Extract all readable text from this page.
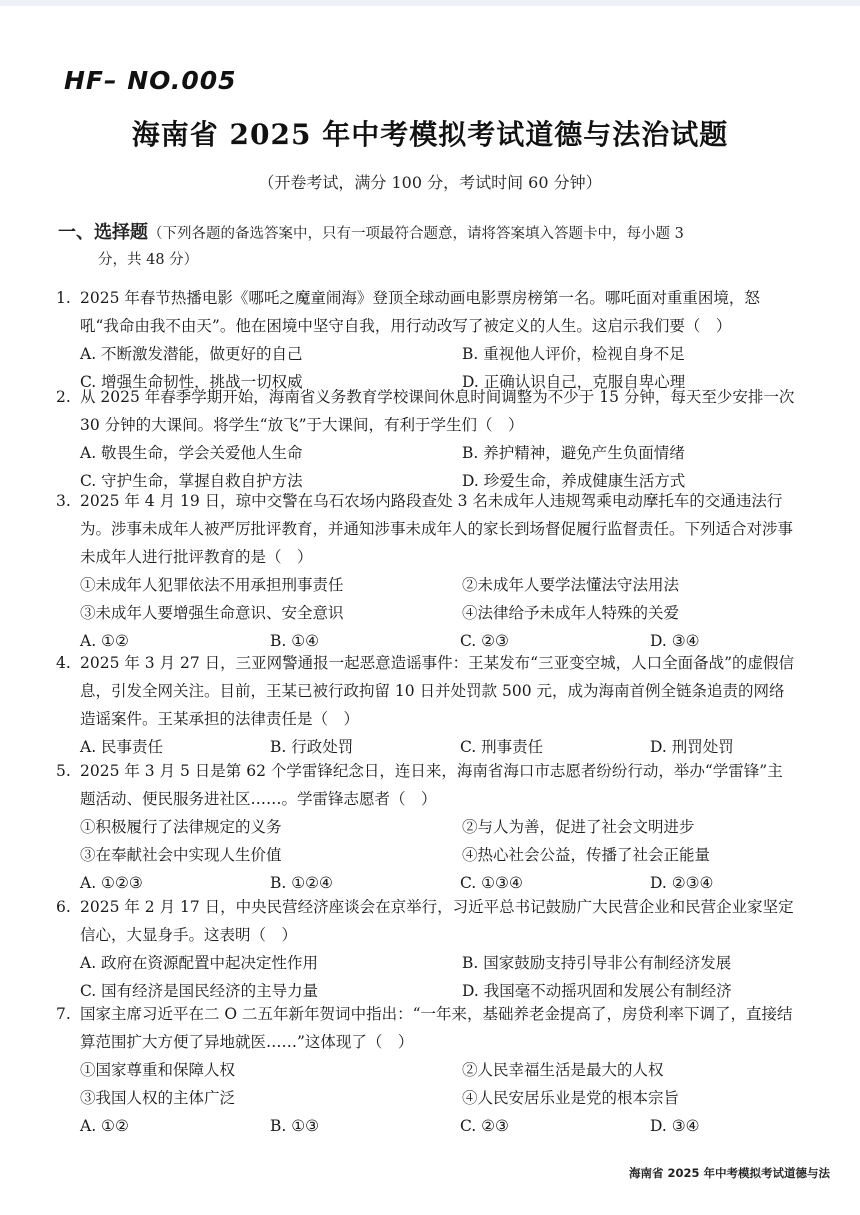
HF– NO.005
海南省 2025 年中考模拟考试道德与法治试题
（开卷考试，满分 100 分，考试时间 60 分钟）
一、选择题（下列各题的备选答案中，只有一项最符合题意，请将答案填入答题卡中，每小题 3
分，共 48 分）
1. 2025 年春节热播电影《哪吒之魔童闹海》登顶全球动画电影票房榜第一名。哪吒面对重重困境，怒吼“我命由我不由天”。他在困境中坚守自我，用行动改写了被定义的人生。这启示我们要（　）
A. 不断激发潜能，做更好的自己	B. 重视他人评价，检视自身不足
C. 增强生命韧性，挑战一切权威	D. 正确认识自己，克服自卑心理
2. 从 2025 年春季学期开始，海南省义务教育学校课间休息时间调整为不少于 15 分钟，每天至少安排一次 30 分钟的大课间。将学生“放飞”于大课间，有利于学生们（　）
A. 敬畏生命，学会关爱他人生命	B. 养护精神，避免产生负面情绪
C. 守护生命，掌握自救自护方法	D. 珍爱生命，养成健康生活方式
3. 2025 年 4 月 19 日，琼中交警在乌石农场内路段查处 3 名未成年人违规驾乘电动摩托车的交通违法行为。涉事未成年人被严厉批评教育，并通知涉事未成年人的家长到场督促履行监督责任。下列适合对涉事未成年人进行批评教育的是（　）
①未成年人犯罪依法不用承担刑事责任	②未成年人要学法懂法守法用法
③未成年人要增强生命意识、安全意识	④法律给予未成年人特殊的关爱
A. ①②	B. ①④	C. ②③	D. ③④
4. 2025 年 3 月 27 日，三亚网警通报一起恶意造谣事件：王某发布“三亚变空城，人口全面备战”的虚假信息，引发全网关注。目前，王某已被行政拘留 10 日并处罚款 500 元，成为海南首例全链条追责的网络造谣案件。王某承担的法律责任是（　）
A. 民事责任	B. 行政处罚	C. 刑事责任	D. 刑罚处罚
5. 2025 年 3 月 5 日是第 62 个学雷锋纪念日，连日来，海南省海口市志愿者纷纷行动，举办“学雷锋”主题活动、便民服务进社区……。学雷锋志愿者（　）
①积极履行了法律规定的义务	②与人为善，促进了社会文明进步
③在奉献社会中实现人生价值	④热心社会公益，传播了社会正能量
A. ①②③	B. ①②④	C. ①③④	D. ②③④
6. 2025 年 2 月 17 日，中央民营经济座谈会在京举行，习近平总书记鼓励广大民营企业和民营企业家坚定信心，大显身手。这表明（　）
A. 政府在资源配置中起决定性作用	B. 国家鼓励支持引导非公有制经济发展
C. 国有经济是国民经济的主导力量	D. 我国毫不动摇巩固和发展公有制经济
7. 国家主席习近平在二 O 二五年新年贺词中指出：“一年来，基础养老金提高了，房贷利率下调了，直接结算范围扩大方便了异地就医……”这体现了（　）
①国家尊重和保障人权	②人民幸福生活是最大的人权
③我国人权的主体广泛	④人民安居乐业是党的根本宗旨
A. ①②	B. ①③	C. ②③	D. ③④
海南省 2025 年中考模拟考试道德与法
